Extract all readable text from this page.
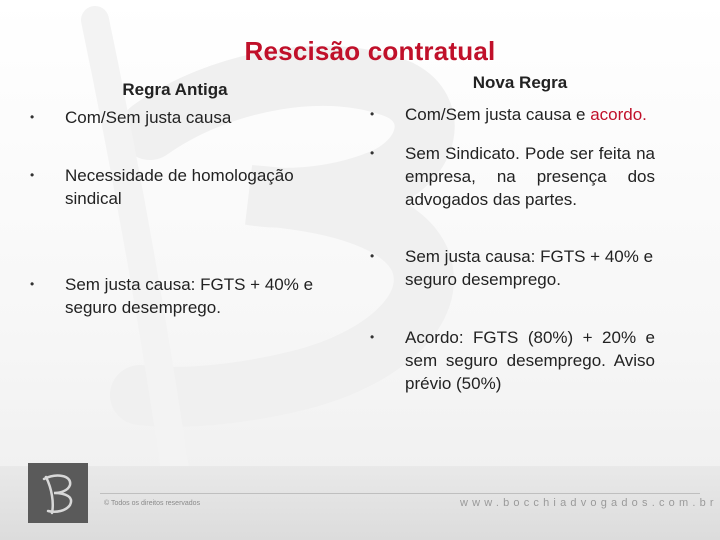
Rescisão contratual
Regra Antiga
• Com/Sem justa causa
• Necessidade de homologação sindical
• Sem justa causa: FGTS + 40% e seguro desemprego.
Nova Regra
• Com/Sem justa causa e acordo.
• Sem Sindicato. Pode ser feita na empresa, na presença dos advogados das partes.
• Sem justa causa: FGTS + 40% e seguro desemprego.
• Acordo: FGTS (80%) + 20% e sem seguro desemprego. Aviso prévio (50%)
© Todos os direitos reservados	www.bocchiadvogados.com.br
